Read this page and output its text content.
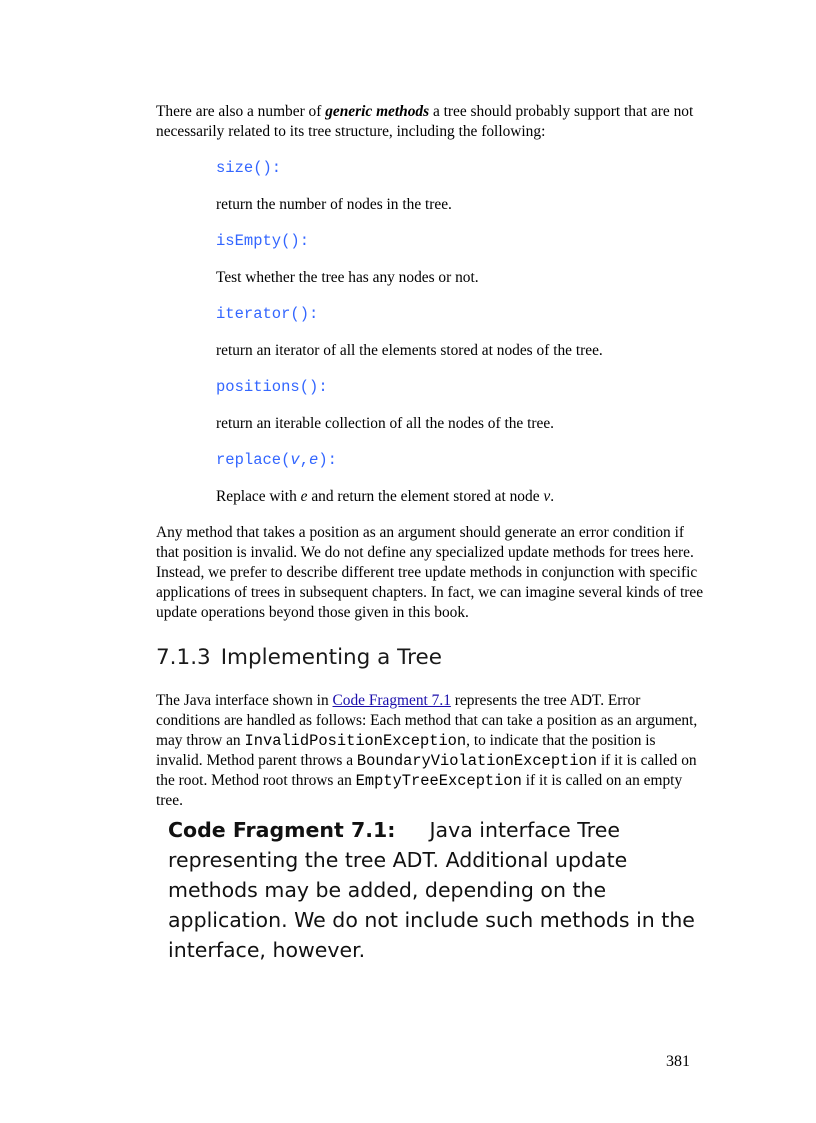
There are also a number of generic methods a tree should probably support that are not necessarily related to its tree structure, including the following:

size():
return the number of nodes in the tree.
isEmpty():
Test whether the tree has any nodes or not.
iterator():
return an iterator of all the elements stored at nodes of the tree.
positions():
return an iterable collection of all the nodes of the tree.
replace(v,e):
Replace with e and return the element stored at node v.

Any method that takes a position as an argument should generate an error condition if that position is invalid. We do not define any specialized update methods for trees here. Instead, we prefer to describe different tree update methods in conjunction with specific applications of trees in subsequent chapters. In fact, we can imagine several kinds of tree update operations beyond those given in this book.

7.1.3 Implementing a Tree

The Java interface shown in Code Fragment 7.1 represents the tree ADT. Error conditions are handled as follows: Each method that can take a position as an argument, may throw an InvalidPositionException, to indicate that the position is invalid. Method parent throws a BoundaryViolationException if it is called on the root. Method root throws an EmptyTreeException if it is called on an empty tree.

Code Fragment 7.1: Java interface Tree representing the tree ADT. Additional update methods may be added, depending on the application. We do not include such methods in the interface, however.
381
